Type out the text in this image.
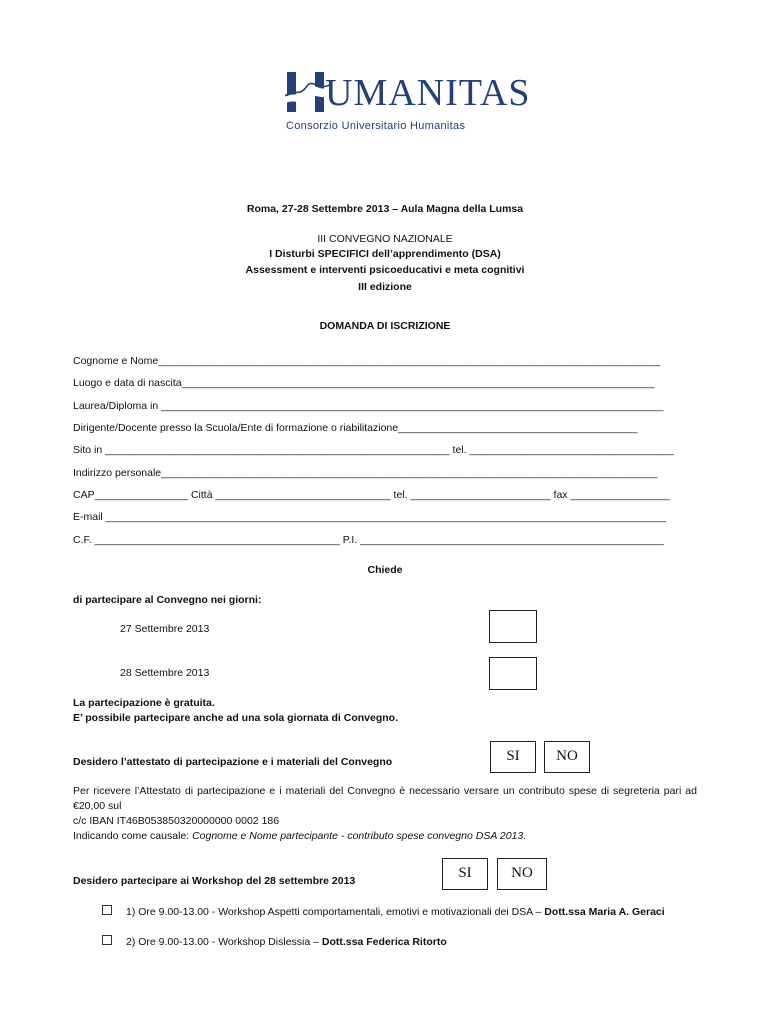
UMANITAS
Consorzio Universitario Humanitas
Roma, 27-28 Settembre 2013 – Aula Magna della Lumsa
III CONVEGNO NAZIONALE
I Disturbi SPECIFICI dell’apprendimento (DSA)
Assessment e interventi psicoeducativi e meta cognitivi
III edizione
DOMANDA DI ISCRIZIONE
Cognome e Nome______________________________________________________________________________________
Luogo e data di nascita_________________________________________________________________________________
Laurea/Diploma in ______________________________________________________________________________________
Dirigente/Docente presso la Scuola/Ente di formazione o riabilitazione_________________________________________
Sito in ___________________________________________________________ tel. ___________________________________
Indirizzo personale_____________________________________________________________________________________
CAP________________ Città ______________________________ tel. ________________________ fax _________________
E-mail ________________________________________________________________________________________________
C.F. __________________________________________ P.I. ____________________________________________________
Chiede
di partecipare al Convegno nei giorni:
27 Settembre 2013
28 Settembre 2013
La partecipazione è gratuita.
E’ possibile partecipare anche ad una sola giornata di Convegno.
Desidero l’attestato di partecipazione e i materiali del Convegno	SI	NO
Per ricevere l’Attestato di partecipazione e i materiali del Convegno è necessario versare un contributo spese di segreteria pari ad €20,00 sul
c/c IBAN IT46B053850320000000 0002 186
Indicando come causale: Cognome e Nome partecipante - contributo spese convegno DSA 2013.
Desidero partecipare ai Workshop del 28 settembre 2013	SI	NO
1) Ore 9.00-13.00 - Workshop Aspetti comportamentali, emotivi e motivazionali dei DSA – Dott.ssa Maria A. Geraci
2) Ore 9.00-13.00 - Workshop Dislessia – Dott.ssa Federica Ritorto
